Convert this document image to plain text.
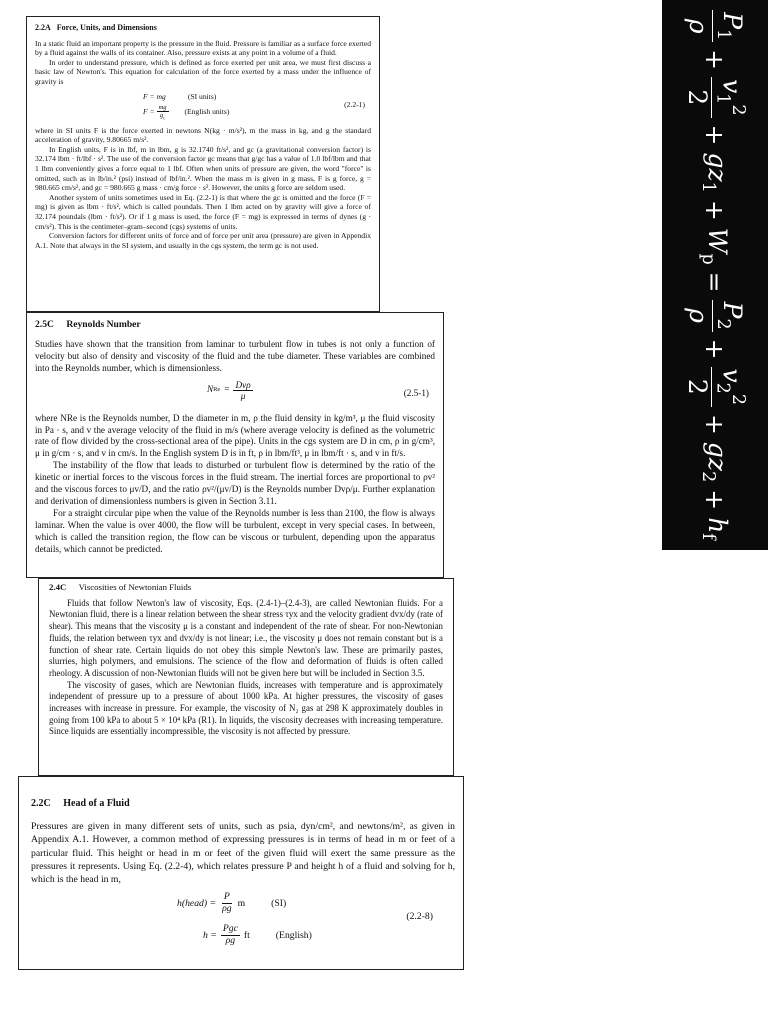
2.2A Force, Units, and Dimensions

In a static fluid an important property is the pressure in the fluid. Pressure is familiar as a surface force exerted by a fluid against the walls of its container. Also, pressure exists at any point in a volume of a fluid.

In order to understand pressure, which is defined as force exerted per unit area, we must first discuss a basic law of Newton's. This equation for calculation of the force exerted by a mass under the influence of gravity is

F = mg	(SI units)
$F = \frac{mg}{g_c}$ (English units)
(2.2-1)

where in SI units F is the force exerted in newtons N(kg · m/s²), m the mass in kg, and g the standard acceleration of gravity, 9.80665 m/s².

In English units, F is in lbf, m in lbm, g is 32.1740 ft/s², and gc (a gravitational conversion factor) is 32.174 lbm · ft/lbf · s². The use of the conversion factor gc means that g/gc has a value of 1.0 lbf/lbm and that 1 lbm conveniently gives a force equal to 1 lbf. Often when units of pressure are given, the word "force" is omitted, such as in lb/in.² (psi) instead of lbf/in.². When the mass m is given in g mass, F is g force, g = 980.665 cm/s², and gc = 980.665 g mass · cm/g force · s². However, the units g force are seldom used.

Another system of units sometimes used in Eq. (2.2-1) is that where the gc is omitted and the force (F = mg) is given as lbm · ft/s², which is called poundals. Then 1 lbm acted on by gravity will give a force of 32.174 poundals (lbm · ft/s²). Or if 1 g mass is used, the force (F = mg) is expressed in terms of dynes (g · cm/s²). This is the centimeter–gram–second (cgs) systems of units.

Conversion factors for different units of force and of force per unit area (pressure) are given in Appendix A.1. Note that always in the SI system, and usually in the cgs system, the term gc is not used.

2.5C Reynolds Number

Studies have shown that the transition from laminar to turbulent flow in tubes is not only a function of velocity but also of density and viscosity of the fluid and the tube diameter. These variables are combined into the Reynolds number, which is dimensionless.

N $Re = \frac{\text{Dvρ}}{\mu}$	(2.5-1)

where NRe is the Reynolds number, D the diameter in m, ρ the fluid density in kg/m³, μ the fluid viscosity in Pa · s, and v the average velocity of the fluid in m/s (where average velocity is defined as the volumetric rate of flow divided by the cross-sectional area of the pipe). Units in the cgs system are D in cm, ρ in g/cm³, μ in g/cm · s, and v in cm/s. In the English system D is in ft, ρ in lbm/ft³, μ in lbm/ft · s, and v in ft/s.

The instability of the flow that leads to disturbed or turbulent flow is determined by the ratio of the kinetic or inertial forces to the viscous forces in the fluid stream. The inertial forces are proportional to ρv² and the viscous forces to μv/D, and the ratio ρv²/(μv/D) is the Reynolds number Dvρ/μ. Further explanation and derivation of dimensionless numbers is given in Section 3.11.

For a straight circular pipe when the value of the Reynolds number is less than 2100, the flow is always laminar. When the value is over 4000, the flow will be turbulent, except in very special cases. In between, which is called the transition region, the flow can be viscous or turbulent, depending upon the apparatus details, which cannot be predicted.

2.4C Viscosities of Newtonian Fluids

Fluids that follow Newton's law of viscosity, Eqs. (2.4-1)–(2.4-3), are called Newtonian fluids. For a Newtonian fluid, there is a linear relation between the shear stress τyx and the velocity gradient dvx/dy (rate of shear). This means that the viscosity μ is a constant and independent of the rate of shear. For non-Newtonian fluids, the relation between τyx and dvx/dy is not linear; i.e., the viscosity μ does not remain constant but is a function of shear rate. Certain liquids do not obey this simple Newton's law. These are primarily pastes, slurries, high polymers, and emulsions. The science of the flow and deformation of fluids is often called rheology. A discussion of non-Newtonian fluids will not be given here but will be included in Section 3.5.

The viscosity of gases, which are Newtonian fluids, increases with temperature and is approximately independent of pressure up to a pressure of about 1000 kPa. At higher pressures, the viscosity of gases increases with increase in pressure. For example, the viscosity of N₂ gas at 298 K approximately doubles in going from 100 kPa to about 5 × 10⁴ kPa (R1). In liquids, the viscosity decreases with increasing temperature. Since liquids are essentially incompressible, the viscosity is not affected by pressure.

2.2C Head of a Fluid

Pressures are given in many different sets of units, such as psia, dyn/cm², and newtons/m², as given in Appendix A.1. However, a common method of expressing pressures is in terms of head in m or feet of a particular fluid. This height or head in m or feet of the given fluid will exert the same pressure as the pressures it represents. Using Eq. (2.2-4), which relates pressure P and height h of a fluid and solving for h, which is the head in m,

h(head) = $\frac{P}{\rho g}$ m	(SI)
$h = \frac{\text{Pgc}}{\rho g}$ ft	(English)
(2.2-8)
$P_1$
ρ
+
$v_1^2$
2
+
$gz_1$
+
$W_p$
=
$P_2$
ρ
+
$v_2^2$
2
+
$gz_2$
+
$h_f$
